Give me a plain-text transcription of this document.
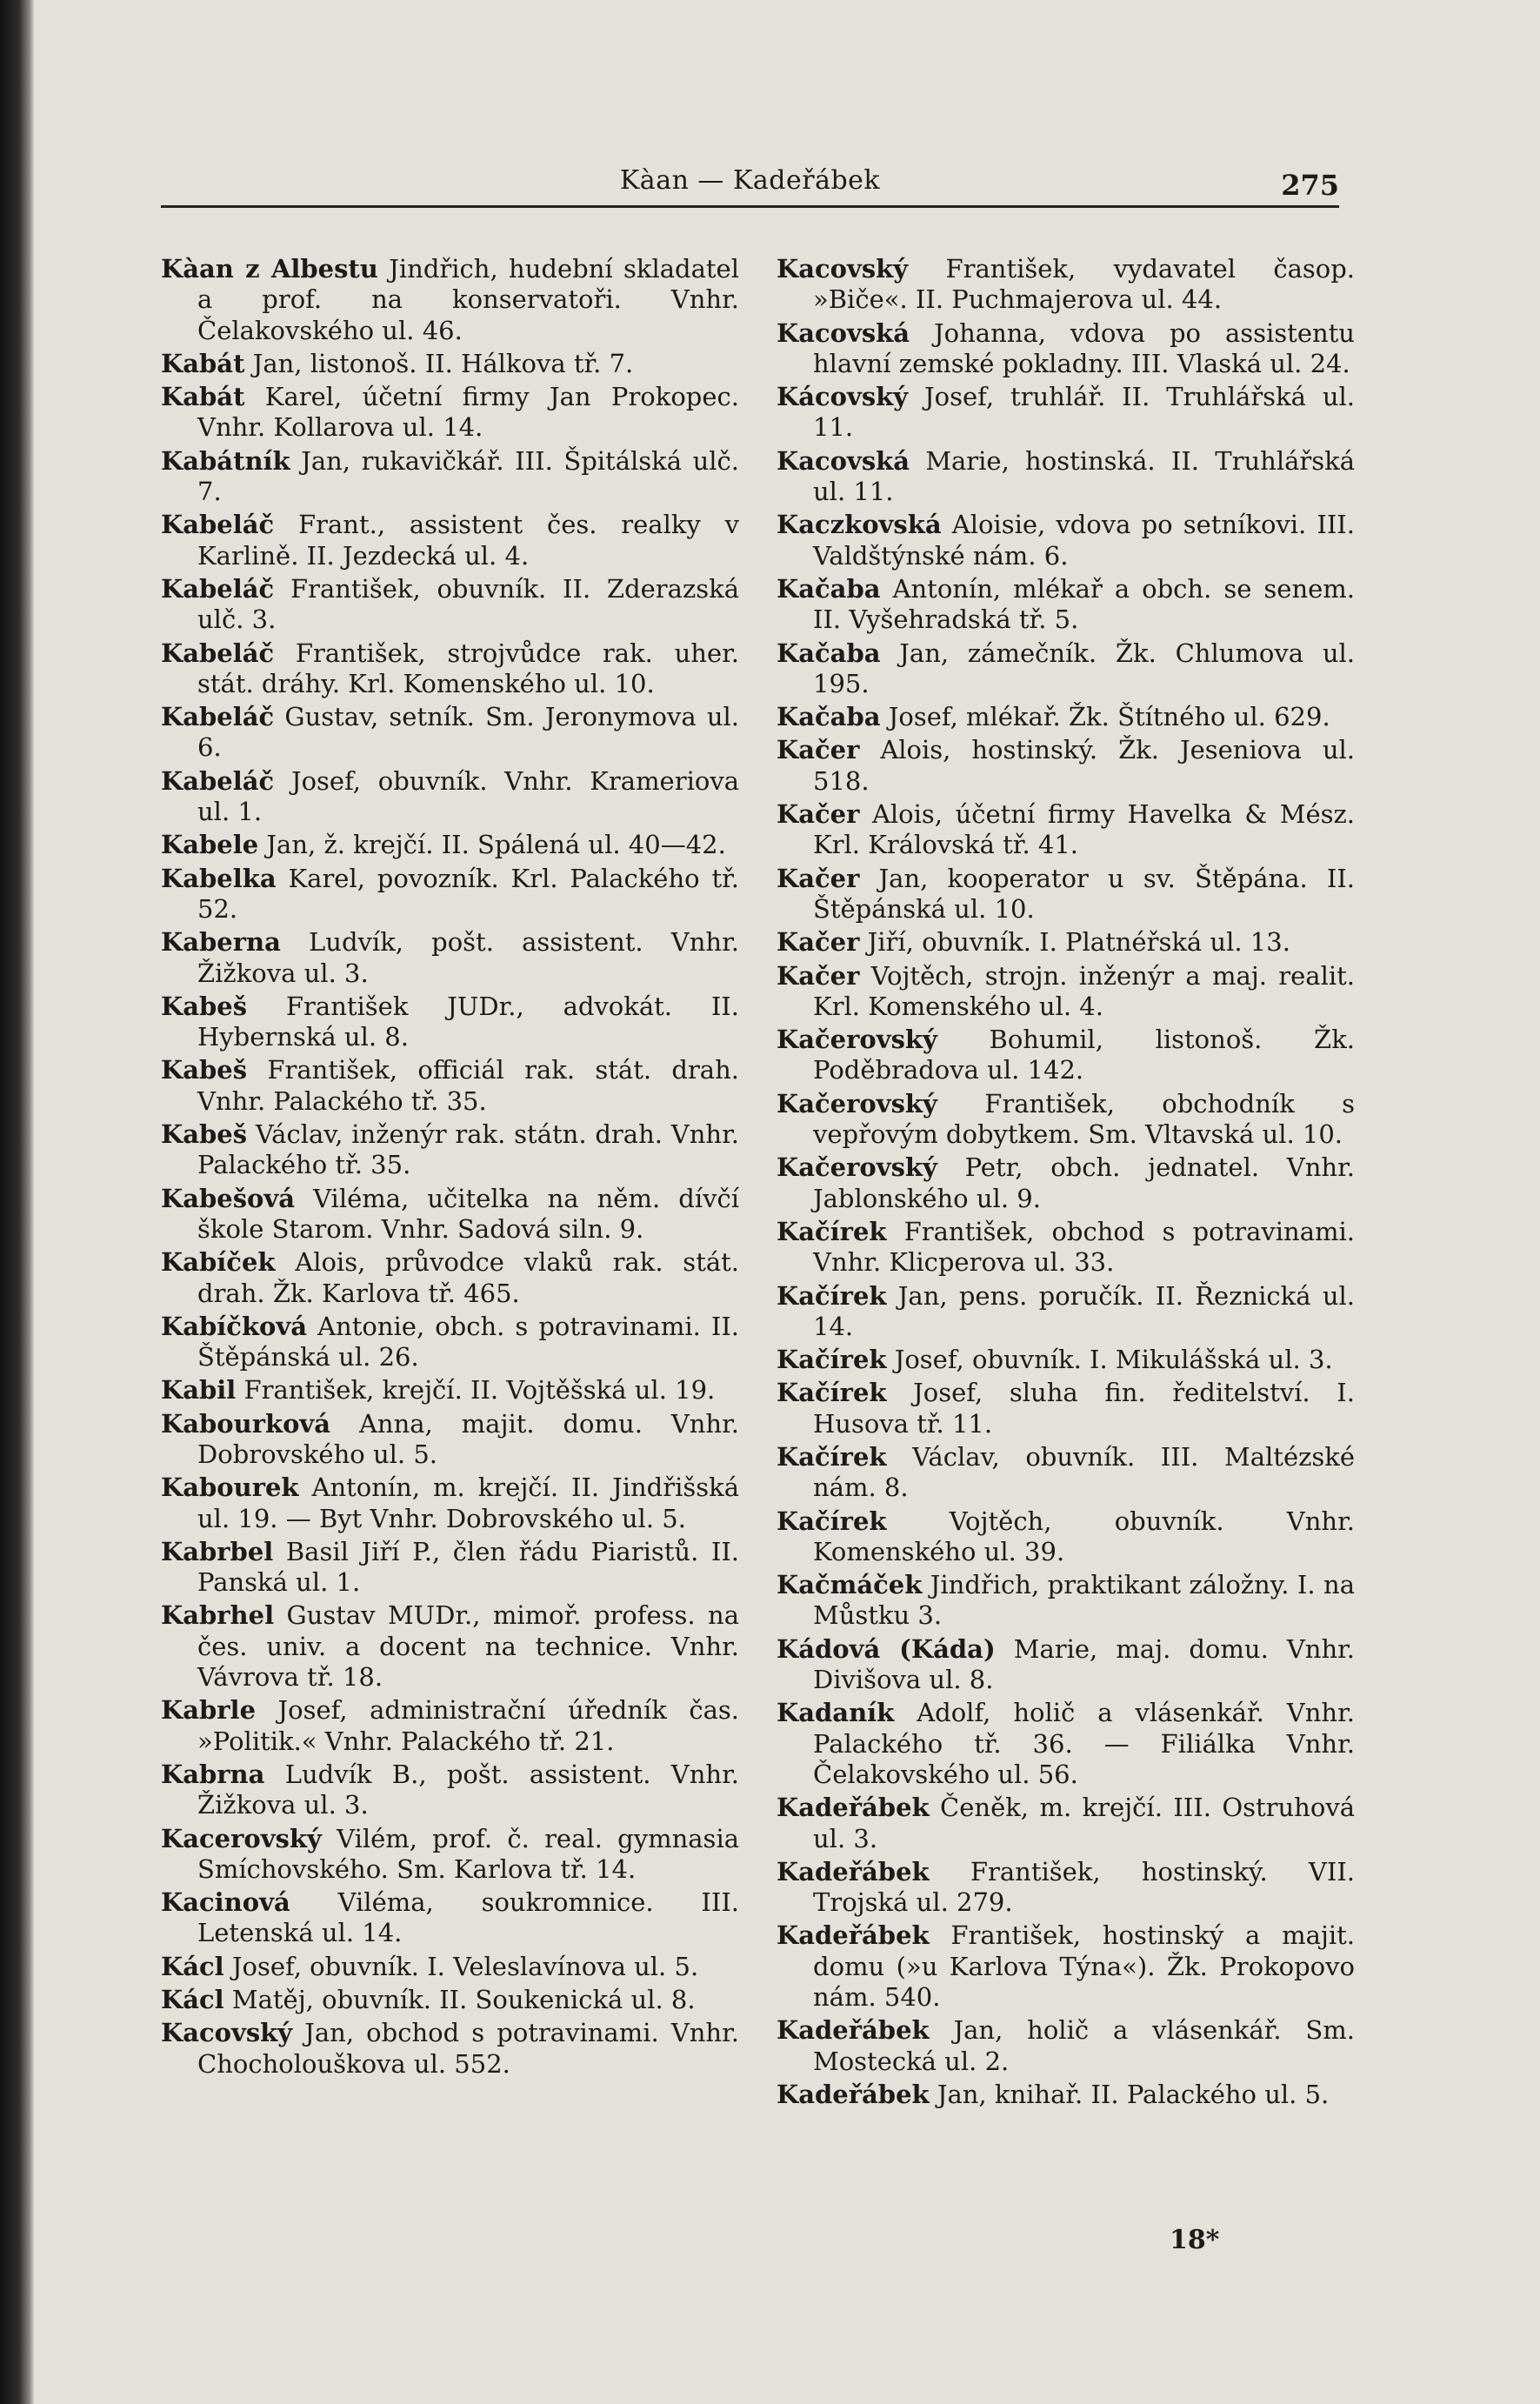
Kàan — Kadeřábek	275

Kàan z Albestu Jindřich, hudební skladatel a prof. na konservatoři. Vnhr. Čelakovského ul. 46.

Kabát Jan, listonoš. II. Hálkova tř. 7.

Kabát Karel, účetní firmy Jan Prokopec. Vnhr. Kollarova ul. 14.

Kabátník Jan, rukavičkář. III. Špitálská ulč. 7.

Kabeláč Frant., assistent čes. realky v Karlině. II. Jezdecká ul. 4.

Kabeláč František, obuvník. II. Zderazská ulč. 3.

Kabeláč František, strojvůdce rak. uher. stát. dráhy. Krl. Komenského ul. 10.

Kabeláč Gustav, setník. Sm. Jeronymova ul. 6.

Kabeláč Josef, obuvník. Vnhr. Krameriova ul. 1.

Kabele Jan, ž. krejčí. II. Spálená ul. 40—42.

Kabelka Karel, povozník. Krl. Palackého tř. 52.

Kaberna Ludvík, pošt. assistent. Vnhr. Žižkova ul. 3.

Kabeš František JUDr., advokát. II. Hybernská ul. 8.

Kabeš František, officiál rak. stát. drah. Vnhr. Palackého tř. 35.

Kabeš Václav, inženýr rak. státn. drah. Vnhr. Palackého tř. 35.

Kabešová Viléma, učitelka na něm. dívčí škole Starom. Vnhr. Sadová siln. 9.

Kabíček Alois, průvodce vlaků rak. stát. drah. Žk. Karlova tř. 465.

Kabíčková Antonie, obch. s potravinami. II. Štěpánská ul. 26.

Kabil František, krejčí. II. Vojtěšská ul. 19.

Kabourková Anna, majit. domu. Vnhr. Dobrovského ul. 5.

Kabourek Antonín, m. krejčí. II. Jindřišská ul. 19. — Byt Vnhr. Dobrovského ul. 5.

Kabrbel Basil Jiří P., člen řádu Piaristů. II. Panská ul. 1.

Kabrhel Gustav MUDr., mimoř. profess. na čes. univ. a docent na technice. Vnhr. Vávrova tř. 18.

Kabrle Josef, administrační úředník čas. »Politik.« Vnhr. Palackého tř. 21.

Kabrna Ludvík B., pošt. assistent. Vnhr. Žižkova ul. 3.

Kacerovský Vilém, prof. č. real. gymnasia Smíchovského. Sm. Karlova tř. 14.

Kacinová Viléma, soukromnice. III. Letenská ul. 14.

Kácl Josef, obuvník. I. Veleslavínova ul. 5.

Kácl Matěj, obuvník. II. Soukenická ul. 8.

Kacovský Jan, obchod s potravinami. Vnhr. Chocholouškova ul. 552.

Kacovský František, vydavatel časop. »Biče«. II. Puchmajerova ul. 44.

Kacovská Johanna, vdova po assistentu hlavní zemské pokladny. III. Vlaská ul. 24.

Kácovský Josef, truhlář. II. Truhlářská ul. 11.

Kacovská Marie, hostinská. II. Truhlářská ul. 11.

Kaczkovská Aloisie, vdova po setníkovi. III. Valdštýnské nám. 6.

Kačaba Antonín, mlékař a obch. se senem. II. Vyšehradská tř. 5.

Kačaba Jan, zámečník. Žk. Chlumova ul. 195.

Kačaba Josef, mlékař. Žk. Štítného ul. 629.

Kačer Alois, hostinský. Žk. Jeseniova ul. 518.

Kačer Alois, účetní firmy Havelka & Mész. Krl. Královská tř. 41.

Kačer Jan, kooperator u sv. Štěpána. II. Štěpánská ul. 10.

Kačer Jiří, obuvník. I. Platnéřská ul. 13.

Kačer Vojtěch, strojn. inženýr a maj. realit. Krl. Komenského ul. 4.

Kačerovský Bohumil, listonoš. Žk. Poděbradova ul. 142.

Kačerovský František, obchodník s vepřovým dobytkem. Sm. Vltavská ul. 10.

Kačerovský Petr, obch. jednatel. Vnhr. Jablonského ul. 9.

Kačírek František, obchod s potravinami. Vnhr. Klicperova ul. 33.

Kačírek Jan, pens. poručík. II. Řeznická ul. 14.

Kačírek Josef, obuvník. I. Mikulášská ul. 3.

Kačírek Josef, sluha fin. ředitelství. I. Husova tř. 11.

Kačírek Václav, obuvník. III. Maltézské nám. 8.

Kačírek Vojtěch, obuvník. Vnhr. Komenského ul. 39.

Kačmáček Jindřich, praktikant záložny. I. na Můstku 3.

Kádová (Káda) Marie, maj. domu. Vnhr. Divišova ul. 8.

Kadaník Adolf, holič a vlásenkář. Vnhr. Palackého tř. 36. — Filiálka Vnhr. Čelakovského ul. 56.

Kadeřábek Čeněk, m. krejčí. III. Ostruhová ul. 3.

Kadeřábek František, hostinský. VII. Trojská ul. 279.

Kadeřábek František, hostinský a majit. domu (»u Karlova Týna«). Žk. Prokopovo nám. 540.

Kadeřábek Jan, holič a vlásenkář. Sm. Mostecká ul. 2.

Kadeřábek Jan, knihař. II. Palackého ul. 5.

18*
